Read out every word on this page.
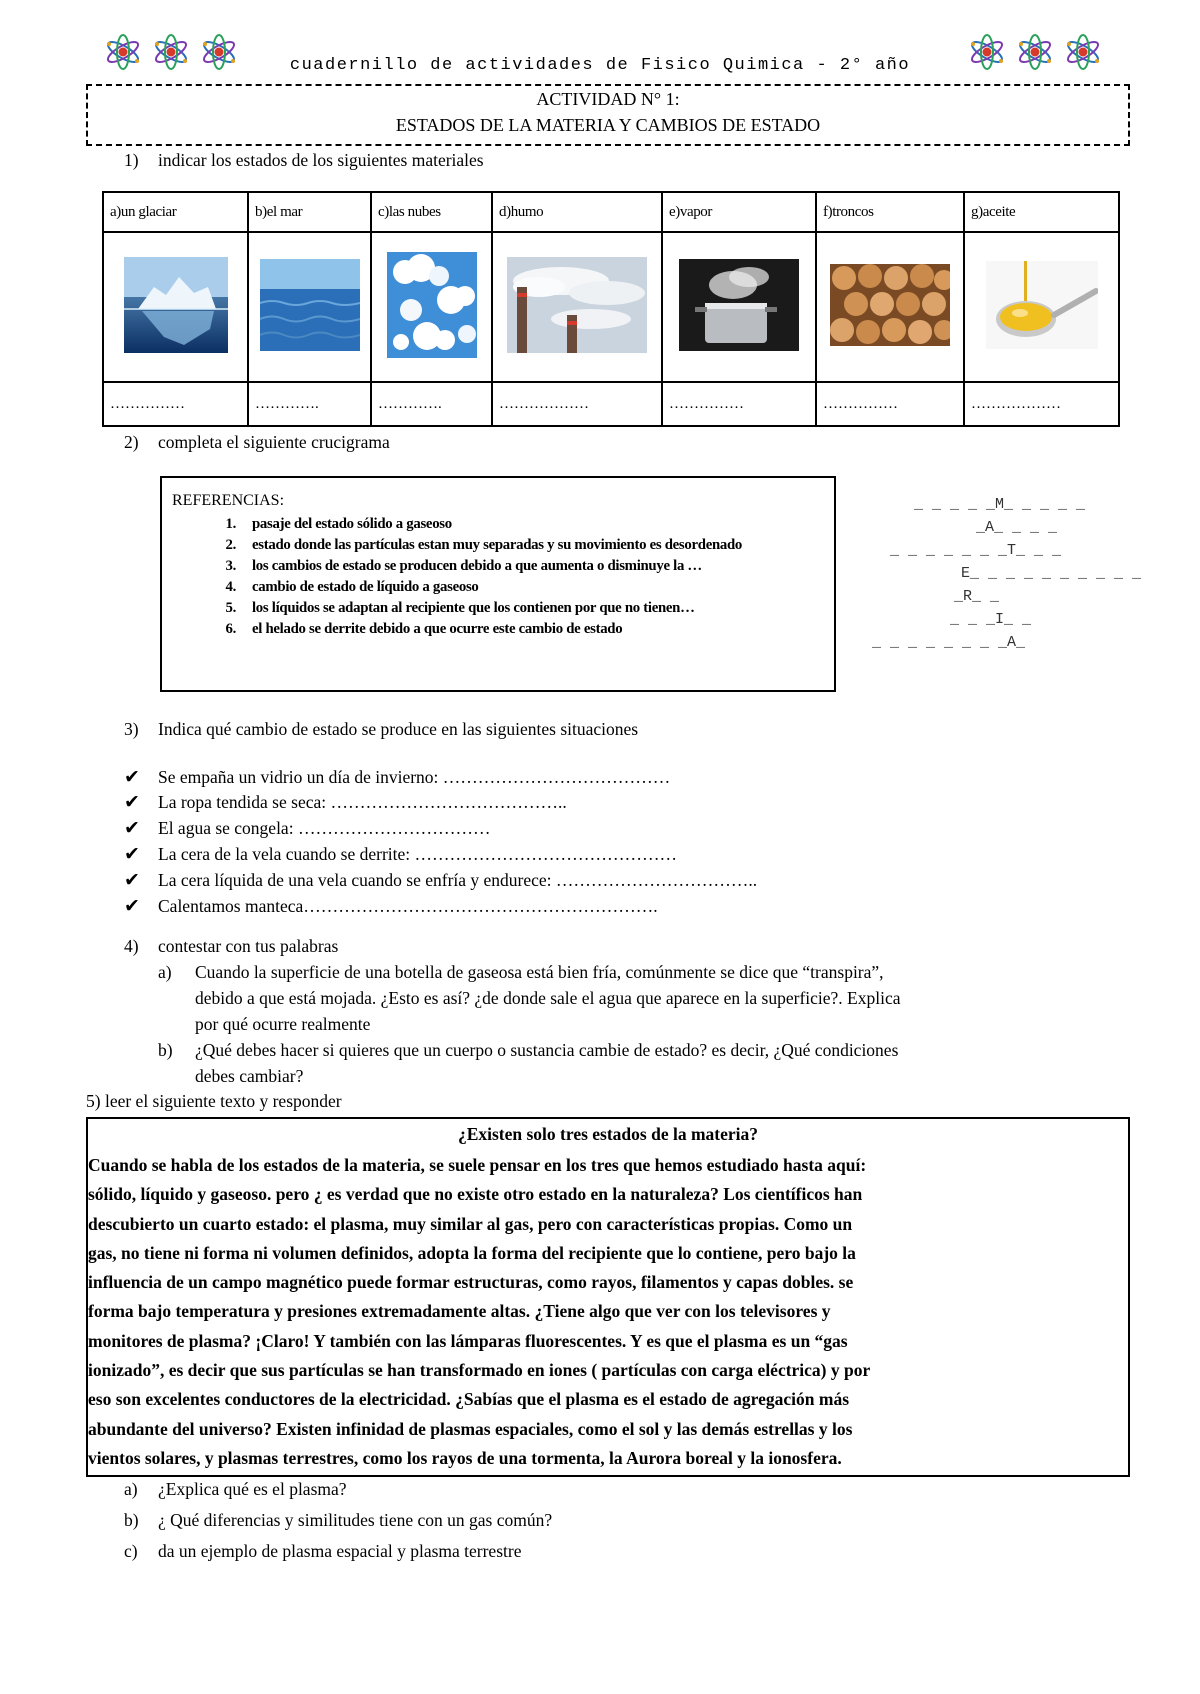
cuadernillo de actividades de Fisico Quimica - 2° año
ACTIVIDAD N° 1:
ESTADOS DE LA MATERIA Y CAMBIOS DE ESTADO
1) indicar los estados de los siguientes materiales
a)un glaciar	b)el mar	c)las nubes	d)humo	e)vapor	f)troncos	g)aceite

……………	………….	………….	………………	……………	……………	………………
2) completa el siguiente crucigrama
REFERENCIAS:
1.	pasaje del estado sólido a gaseoso
2.	estado donde las partículas estan muy separadas y su movimiento es desordenado
3.	los cambios de estado se producen debido a que aumenta o disminuye la …
4.	cambio de estado de líquido a gaseoso
5.	los líquidos se adaptan al recipiente que los contienen por que no tienen…
6.	el helado se derrite debido a que ocurre este cambio de estado
_ _ _ _ _M_ _ _ _ _
_A_ _ _ _
_ _ _ _ _ _ _T_ _ _
E_ _ _ _ _ _ _ _ _ _
_R_ _
_ _ _I_ _
_ _ _ _ _ _ _ _A_
3) Indica qué cambio de estado se produce en las siguientes situaciones
✔ Se empaña un vidrio un día de invierno: …………………………………
✔ La ropa tendida se seca: …………………………………..
✔ El agua se congela: ……………………………
✔ La cera de la vela cuando se derrite: ………………………………………
✔ La cera líquida de una vela cuando se enfría y endurece: ……………………………..
✔ Calentamos manteca…………………………………………………….
4) contestar con tus palabras
a) Cuando la superficie de una botella de gaseosa está bien fría, comúnmente se dice que “transpira”,
debido a que está mojada. ¿Esto es así? ¿de donde sale el agua que aparece en la superficie?. Explica
por qué ocurre realmente
b) ¿Qué debes hacer si quieres que un cuerpo o sustancia cambie de estado? es decir, ¿Qué condiciones
debes cambiar?
5) leer el siguiente texto y responder
¿Existen solo tres estados de la materia?
Cuando se habla de los estados de la materia, se suele pensar en los tres que hemos estudiado hasta aquí:
sólido, líquido y gaseoso. pero ¿ es verdad que no existe otro estado en la naturaleza? Los científicos han
descubierto un cuarto estado: el plasma, muy similar al gas, pero con características propias. Como un
gas, no tiene ni forma ni volumen definidos, adopta la forma del recipiente que lo contiene, pero bajo la
influencia de un campo magnético puede formar estructuras, como rayos, filamentos y capas dobles. se
forma bajo temperatura y presiones extremadamente altas. ¿Tiene algo que ver con los televisores y
monitores de plasma? ¡Claro! Y también con las lámparas fluorescentes. Y es que el plasma es un “gas
ionizado”, es decir que sus partículas se han transformado en iones ( partículas con carga eléctrica) y por
eso son excelentes conductores de la electricidad. ¿Sabías que el plasma es el estado de agregación más
abundante del universo? Existen infinidad de plasmas espaciales, como el sol y las demás estrellas y los
vientos solares, y plasmas terrestres, como los rayos de una tormenta, la Aurora boreal y la ionosfera.
a) ¿Explica qué es el plasma?
b) ¿ Qué diferencias y similitudes tiene con un gas común?
c) da un ejemplo de plasma espacial y plasma terrestre
